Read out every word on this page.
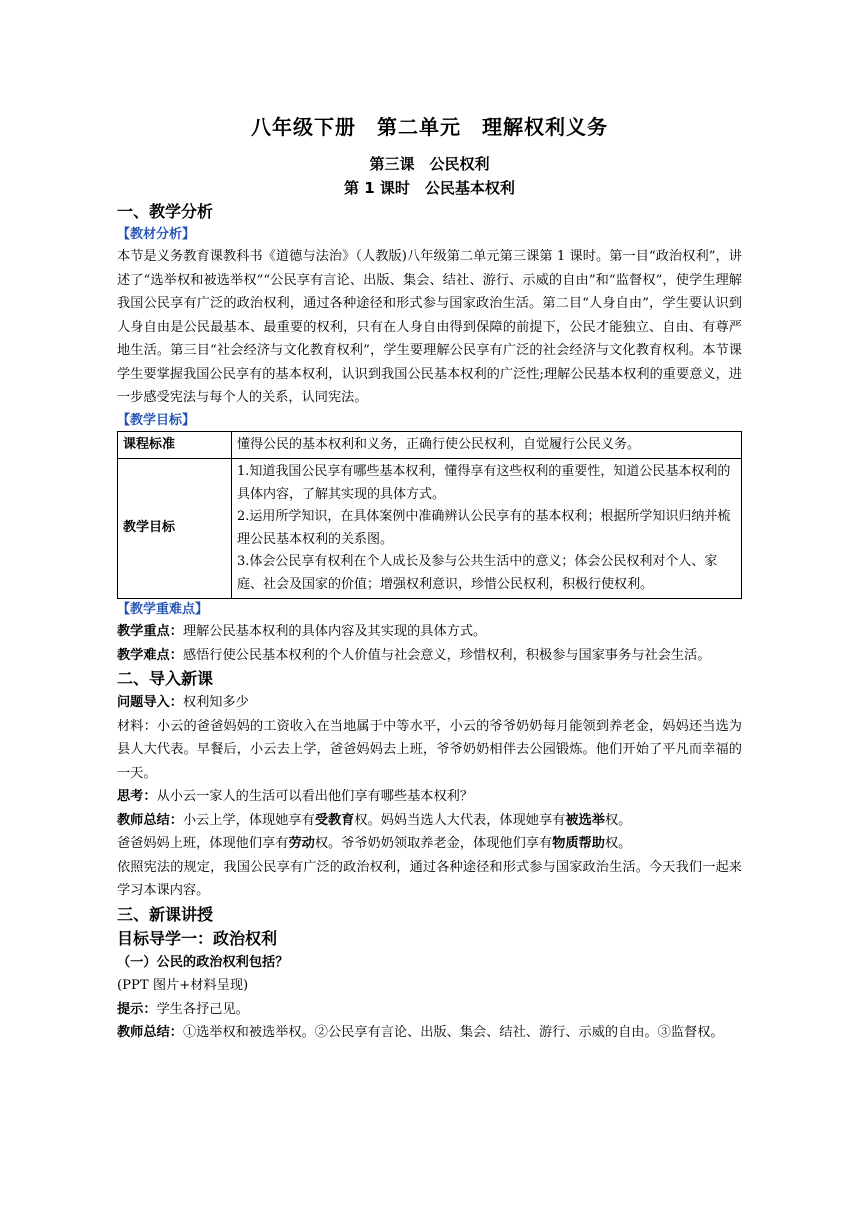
八年级下册　第二单元　理解权利义务
第三课　公民权利
第 1 课时　公民基本权利
一、教学分析
【教材分析】

本节是义务教育课教科书《道德与法治》（人教版)八年级第二单元第三课第 1 课时。第一目“政治权利”，讲述了“选举权和被选举权”“公民享有言论、出版、集会、结社、游行、示威的自由”和“监督权”，使学生理解我国公民享有广泛的政治权利，通过各种途径和形式参与国家政治生活。第二目“人身自由”，学生要认识到人身自由是公民最基本、最重要的权利，只有在人身自由得到保障的前提下，公民才能独立、自由、有尊严地生活。第三目“社会经济与文化教育权利”，学生要理解公民享有广泛的社会经济与文化教育权利。本节课学生要掌握我国公民享有的基本权利，认识到我国公民基本权利的广泛性;理解公民基本权利的重要意义，进一步感受宪法与每个人的关系，认同宪法。

【教学目标】
课程标准	懂得公民的基本权利和义务，正确行使公民权利，自觉履行公民义务。
教学目标	1.知道我国公民享有哪些基本权利，懂得享有这些权利的重要性，知道公民基本权利的具体内容，了解其实现的具体方式。
2.运用所学知识，在具体案例中准确辨认公民享有的基本权利；根据所学知识归纳并梳理公民基本权利的关系图。
3.体会公民享有权利在个人成长及参与公共生活中的意义；体会公民权利对个人、家庭、社会及国家的价值；增强权利意识，珍惜公民权利，积极行使权利。
【教学重难点】

教学重点：理解公民基本权利的具体内容及其实现的具体方式。

教学难点：感悟行使公民基本权利的个人价值与社会意义，珍惜权利，积极参与国家事务与社会生活。

二、导入新课

问题导入：权利知多少

材料：小云的爸爸妈妈的工资收入在当地属于中等水平，小云的爷爷奶奶每月能领到养老金，妈妈还当选为县人大代表。早餐后，小云去上学，爸爸妈妈去上班，爷爷奶奶相伴去公园锻炼。他们开始了平凡而幸福的一天。

思考：从小云一家人的生活可以看出他们享有哪些基本权利？

教师总结：小云上学，体现她享有受教育权。妈妈当选人大代表，体现她享有被选举权。

爸爸妈妈上班，体现他们享有劳动权。爷爷奶奶领取养老金，体现他们享有物质帮助权。

依照宪法的规定，我国公民享有广泛的政治权利，通过各种途径和形式参与国家政治生活。今天我们一起来学习本课内容。

三、新课讲授
目标导学一：政治权利

（一）公民的政治权利包括？

(PPT 图片+材料呈现)

提示：学生各抒己见。

教师总结：①选举权和被选举权。②公民享有言论、出版、集会、结社、游行、示威的自由。③监督权。
